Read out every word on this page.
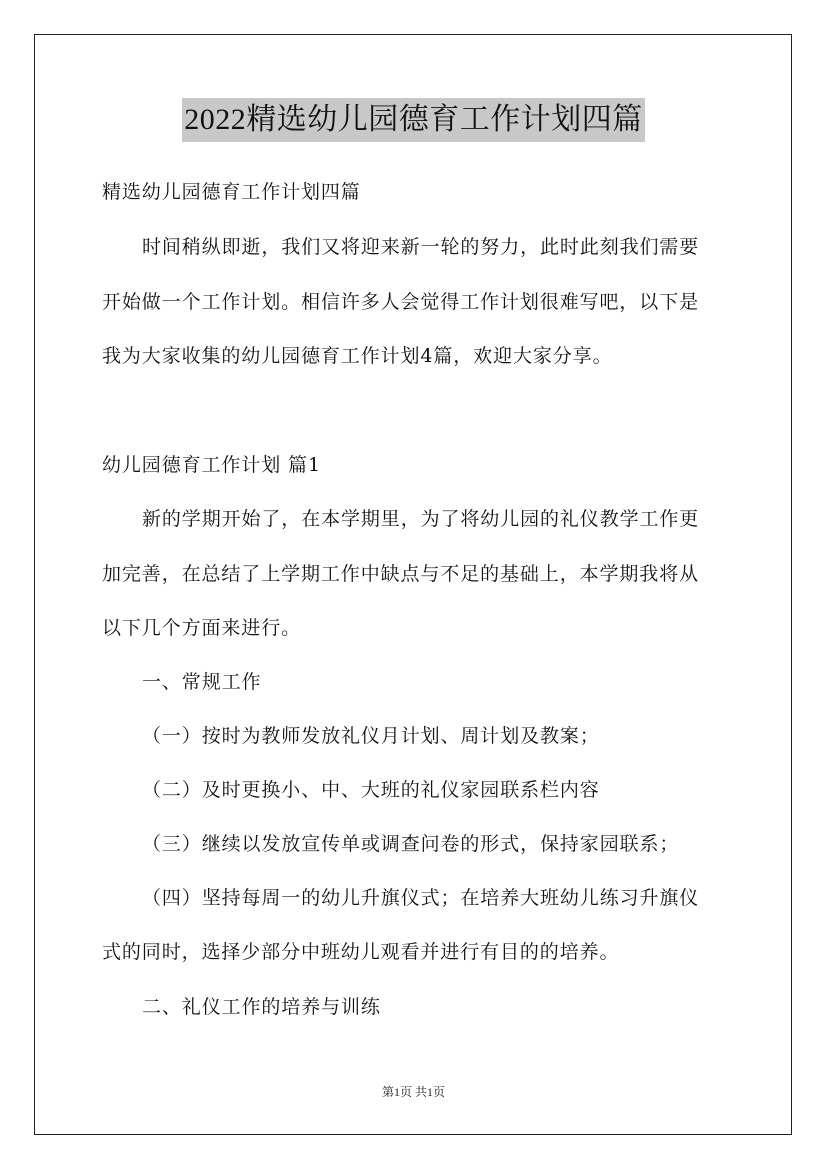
2022精选幼儿园德育工作计划四篇
精选幼儿园德育工作计划四篇
时间稍纵即逝，我们又将迎来新一轮的努力，此时此刻我们需要
开始做一个工作计划。相信许多人会觉得工作计划很难写吧，以下是
我为大家收集的幼儿园德育工作计划4篇，欢迎大家分享。
幼儿园德育工作计划 篇1
新的学期开始了，在本学期里，为了将幼儿园的礼仪教学工作更
加完善，在总结了上学期工作中缺点与不足的基础上，本学期我将从
以下几个方面来进行。
一、常规工作
（一）按时为教师发放礼仪月计划、周计划及教案；
（二）及时更换小、中、大班的礼仪家园联系栏内容
（三）继续以发放宣传单或调查问卷的形式，保持家园联系；
（四）坚持每周一的幼儿升旗仪式；在培养大班幼儿练习升旗仪
式的同时，选择少部分中班幼儿观看并进行有目的的培养。
二、礼仪工作的培养与训练
第1页 共1页
